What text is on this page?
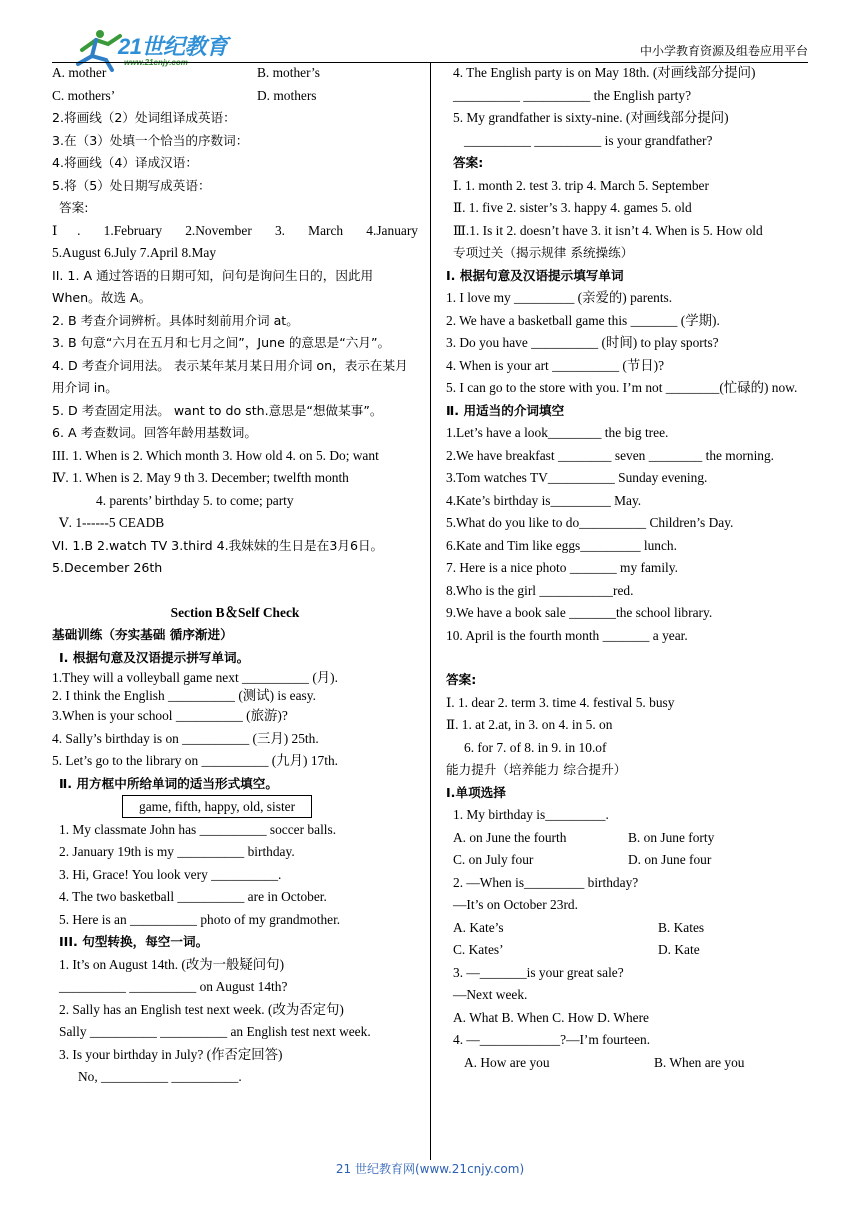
21世纪教育
www.21cnjy.com
中小学教育资源及组卷应用平台
A. mother	B. mother’s
C. mothers’	D. mothers
2.将画线（2）处词组译成英语：
3.在（3）处填一个恰当的序数词：
4.将画线（4）译成汉语：
5.将（5）处日期写成英语：
答案:
Ⅰ. 1.February 2.November 3. March 4.January
5.August 6.July 7.April 8.May
II. 1. A 通过答语的日期可知，问句是询问生日的，因此用 When。故选 A。
2. B 考查介词辨析。具体时刻前用介词 at。
3. B 句意“六月在五月和七月之间”，June 的意思是“六月”。
4. D 考查介词用法。 表示某年某月某日用介词 on，表示在某月用介词 in。
5. D 考查固定用法。 want to do sth.意思是“想做某事”。
6. A 考查数词。回答年龄用基数词。
III. 1. When is 2. Which month 3. How old 4. on 5. Do; want
Ⅳ. 1. When is 2. May 9 th 3. December; twelfth month
4. parents’ birthday 5. to come; party
Ⅴ. 1------5 CEADB
VI. 1.B 2.watch TV 3.third 4.我妹妹的生日是在3月6日。5.December 26th
Section B＆Self Check
基础训练（夯实基础 循序渐进）
Ⅰ. 根据句意及汉语提示拼写单词。
1.They will a volleyball game next __________ (月).
2. I think the English __________ (测试) is easy.
3.When is your school __________ (旅游)?
4. Sally’s birthday is on __________ (三月) 25th.
5. Let’s go to the library on __________ (九月) 17th.
Ⅱ. 用方框中所给单词的适当形式填空。
game, fifth, happy, old, sister
1. My classmate John has __________ soccer balls.
2. January 19th is my __________ birthday.
3. Hi, Grace! You look very __________.
4. The two basketball __________ are in October.
5. Here is an __________ photo of my grandmother.
III. 句型转换，每空一词。
1. It’s on August 14th. (改为一般疑问句)
__________ __________ on August 14th?
2. Sally has an English test next week. (改为否定句)
Sally __________ __________ an English test next week.
3. Is your birthday in July? (作否定回答)
No, __________ __________.
4. The English party is on May 18th. (对画线部分提问)
__________ __________ the English party?
5. My grandfather is sixty-nine. (对画线部分提问)
__________ __________ is your grandfather?
答案:
Ⅰ. 1. month 2. test 3. trip 4. March 5. September
Ⅱ. 1. five 2. sister’s 3. happy 4. games 5. old
Ⅲ.1. Is it 2. doesn’t have 3. it isn’t 4. When is 5. How old
专项过关（揭示规律 系统操练）
Ⅰ. 根据句意及汉语提示填写单词
1. I love my _________ (亲爱的) parents.
2. We have a basketball game this _______ (学期).
3. Do you have __________ (时间) to play sports?
4. When is your art __________ (节日)?
5. I can go to the store with you. I’m not ________(忙碌的) now.
Ⅱ. 用适当的介词填空
1.Let’s have a look________ the big tree.
2.We have breakfast ________ seven ________ the morning.
3.Tom watches TV__________ Sunday evening.
4.Kate’s birthday is_________ May.
5.What do you like to do__________ Children’s Day.
6.Kate and Tim like eggs_________ lunch.
7. Here is a nice photo _______ my family.
8.Who is the girl ___________red.
9.We have a book sale _______the school library.
10. April is the fourth month _______ a year.
答案:
Ⅰ. 1. dear 2. term 3. time 4. festival 5. busy
Ⅱ. 1. at 2.at, in 3. on 4. in 5. on
6. for 7. of 8. in 9. in 10.of
能力提升（培养能力 综合提升）
Ⅰ.单项选择
1. My birthday is_________.
A. on June the fourth	B. on June forty
C. on July four	D. on June four
2. —When is_________ birthday?
—It’s on October 23rd.
A. Kate’s	B. Kates
C. Kates’	D. Kate
3. —_______is your great sale?
—Next week.
A. What B. When C. How D. Where
4. —____________?—I’m fourteen.
A. How are you	B. When are you
21 世纪教育网(www.21cnjy.com)
